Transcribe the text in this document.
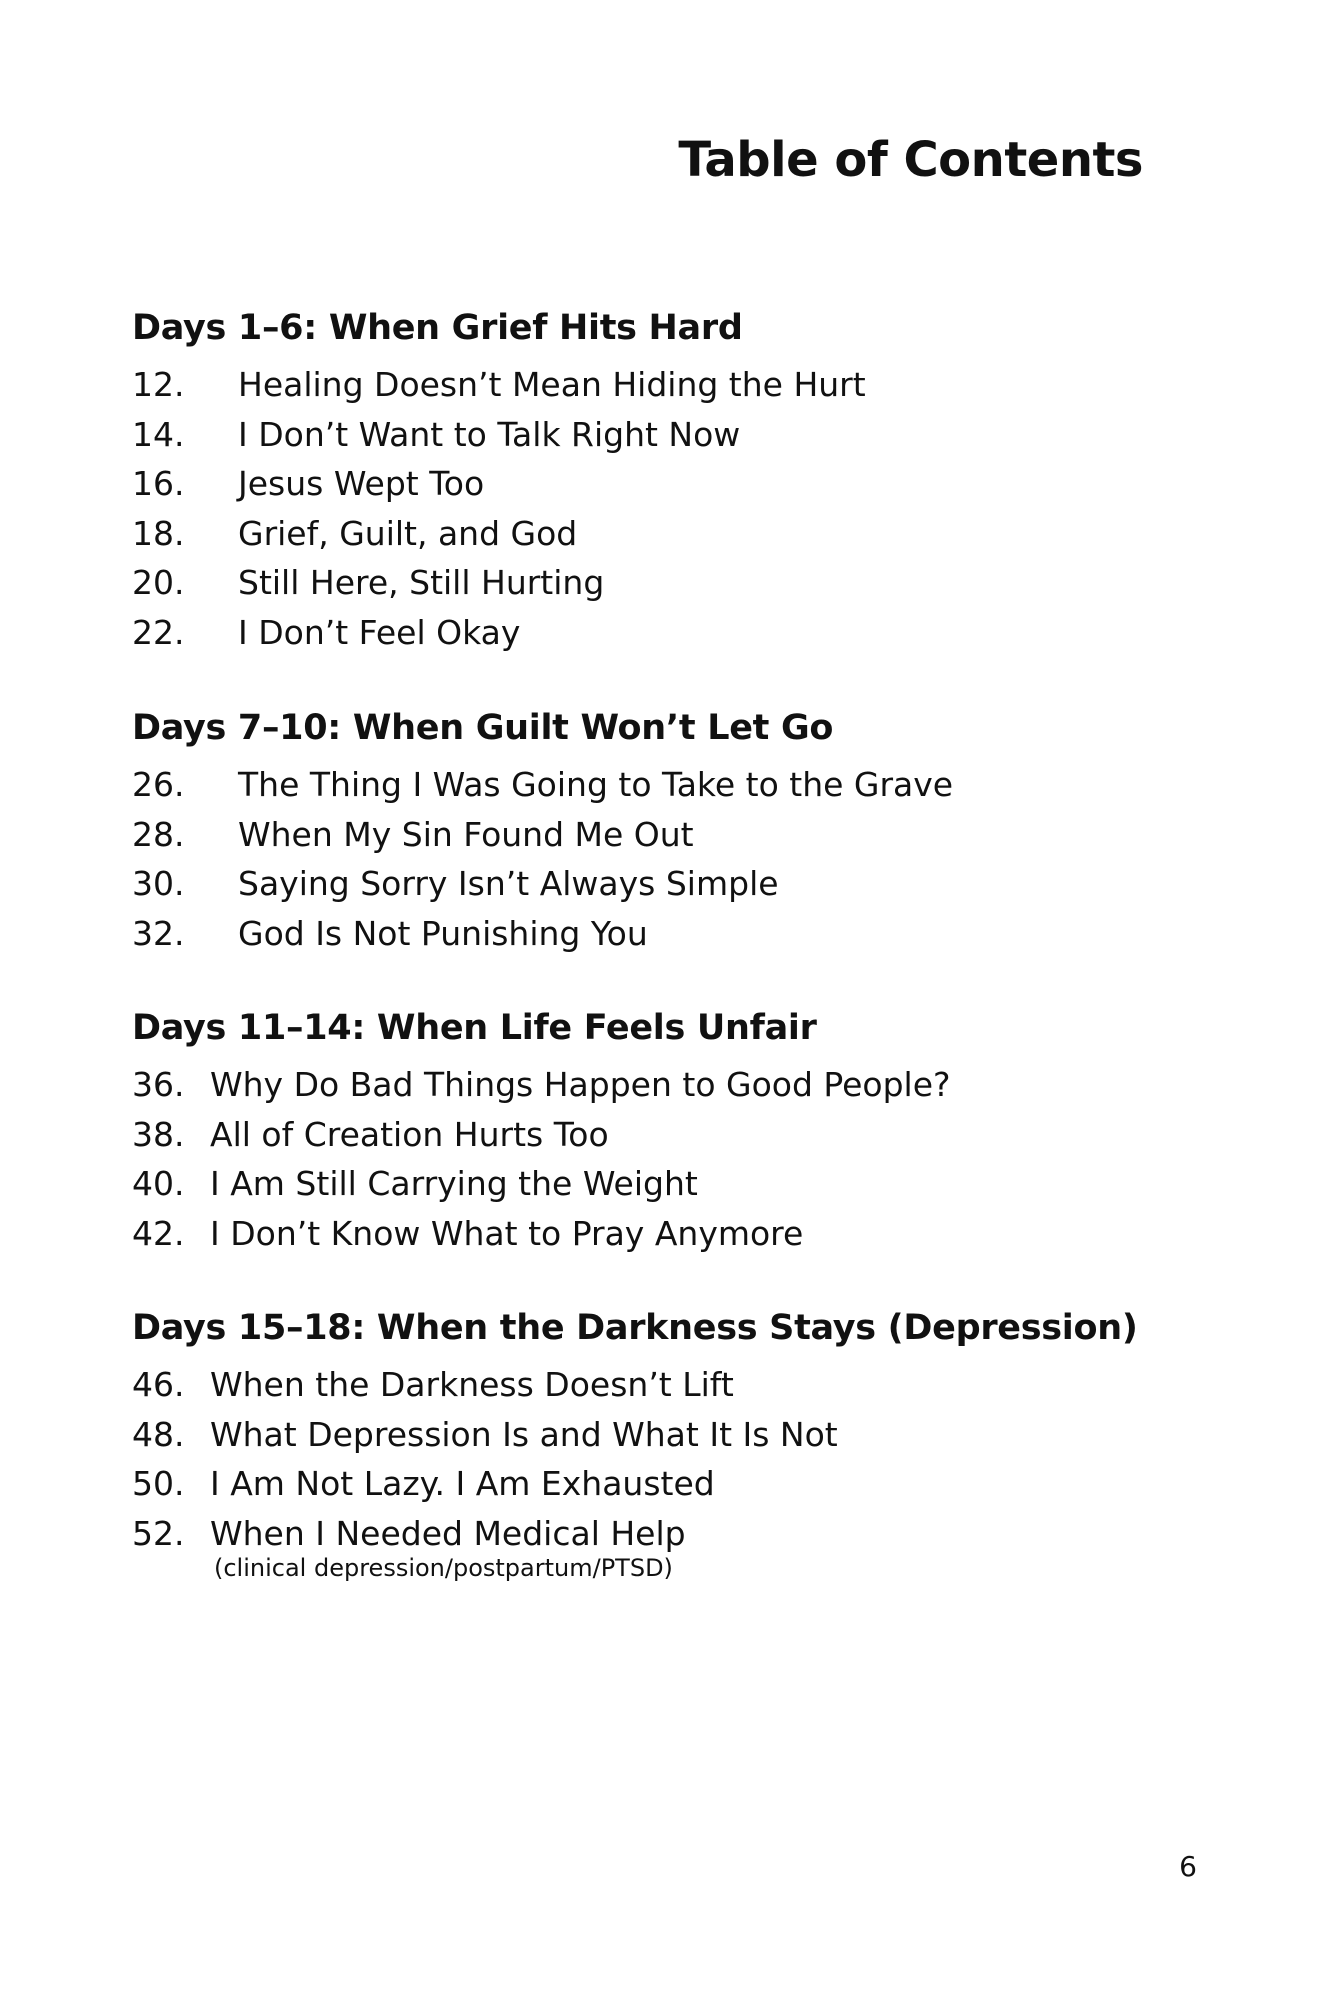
Table of Contents
Days 1–6: When Grief Hits Hard
12.	Healing Doesn’t Mean Hiding the Hurt
14.	I Don’t Want to Talk Right Now
16.	Jesus Wept Too
18.	Grief, Guilt, and God
20.	Still Here, Still Hurting
22.	I Don’t Feel Okay
Days 7–10: When Guilt Won’t Let Go
26.	The Thing I Was Going to Take to the Grave
28.	When My Sin Found Me Out
30.	Saying Sorry Isn’t Always Simple
32.	God Is Not Punishing You
Days 11–14: When Life Feels Unfair
36. Why Do Bad Things Happen to Good People?
38. All of Creation Hurts Too
40. I Am Still Carrying the Weight
42. I Don’t Know What to Pray Anymore
Days 15–18: When the Darkness Stays (Depression)
46. When the Darkness Doesn’t Lift
48. What Depression Is and What It Is Not
50. I Am Not Lazy. I Am Exhausted
52. When I Needed Medical Help
(clinical depression/postpartum/PTSD)
6
